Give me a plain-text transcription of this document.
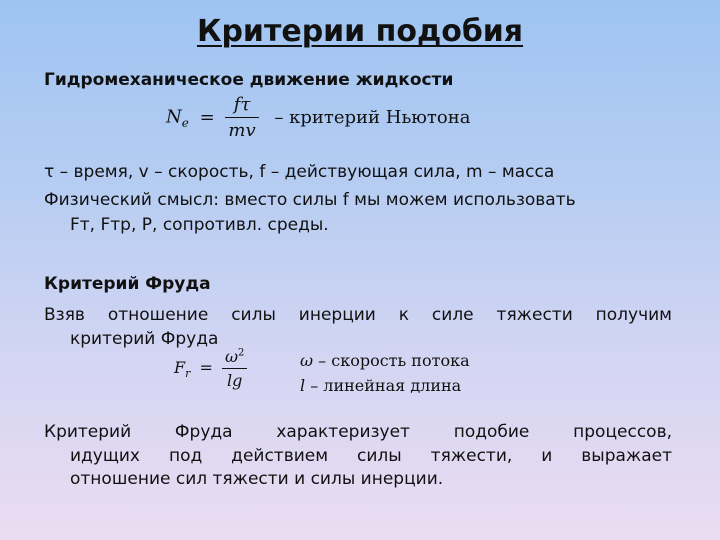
Критерии подобия
Гидромеханическое движение жидкости
$N_e = \frac{f\tau}{mv}$ – критерий Ньютона
τ – время, v – скорость, f – действующая сила, m – масса
Физический смысл: вместо силы f мы можем использовать
Fт, Fтр, P, сопротивл. среды.
Критерий Фруда
Взяв отношение силы инерции к силе тяжести получим
критерий Фруда
$F_r = \frac{\omega^2}{\lg}$	ω – скорость потока
l – линейная длина
Критерий Фруда характеризует подобие процессов,
идущих под действием силы тяжести, и выражает
отношение сил тяжести и силы инерции.
